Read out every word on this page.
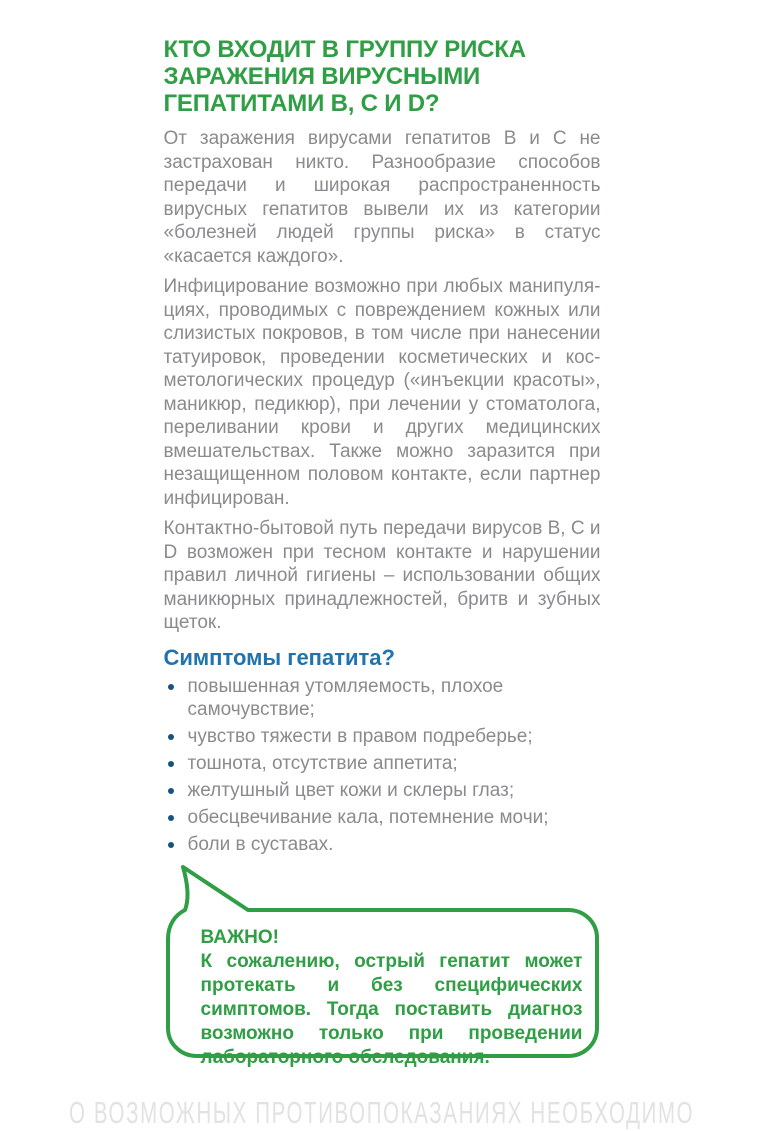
КТО ВХОДИТ В ГРУППУ РИСКА
ЗАРАЖЕНИЯ ВИРУСНЫМИ
ГЕПАТИТАМИ В, С И D?

От заражения вирусами гепатитов В и С не застрахован никто. Разнообразие способов передачи и широкая распространенность вирусных гепатитов вывели их из категории «болезней людей группы риска» в статус «касается каждого».

Инфицирование возможно при любых манипуляциях, проводимых с повреждением кожных или слизистых покровов, в том числе при нанесении татуировок, проведении косметических и косметологических процедур («инъекции красоты», маникюр, педикюр), при лечении у стоматолога, переливании крови и других медицинских вмешательствах. Также можно заразится при незащищенном половом контакте, если партнер инфицирован.

Контактно-бытовой путь передачи вирусов В, С и D возможен при тесном контакте и нарушении правил личной гигиены – использовании общих маникюрных принадлежностей, бритв и зубных щеток.

Симптомы гепатита?
повышенная утомляемость, плохое самочувствие;
чувство тяжести в правом подреберье;
тошнота, отсутствие аппетита;
желтушный цвет кожи и склеры глаз;
обесцвечивание кала, потемнение мочи;
боли в суставах.

ВАЖНО!

К сожалению, острый гепатит может протекать и без специфических симптомов. Тогда поставить диагноз возможно только при проведении лабораторного обследования.

О ВОЗМОЖНЫХ ПРОТИВОПОКАЗАНИЯХ НЕОБХОДИМО
